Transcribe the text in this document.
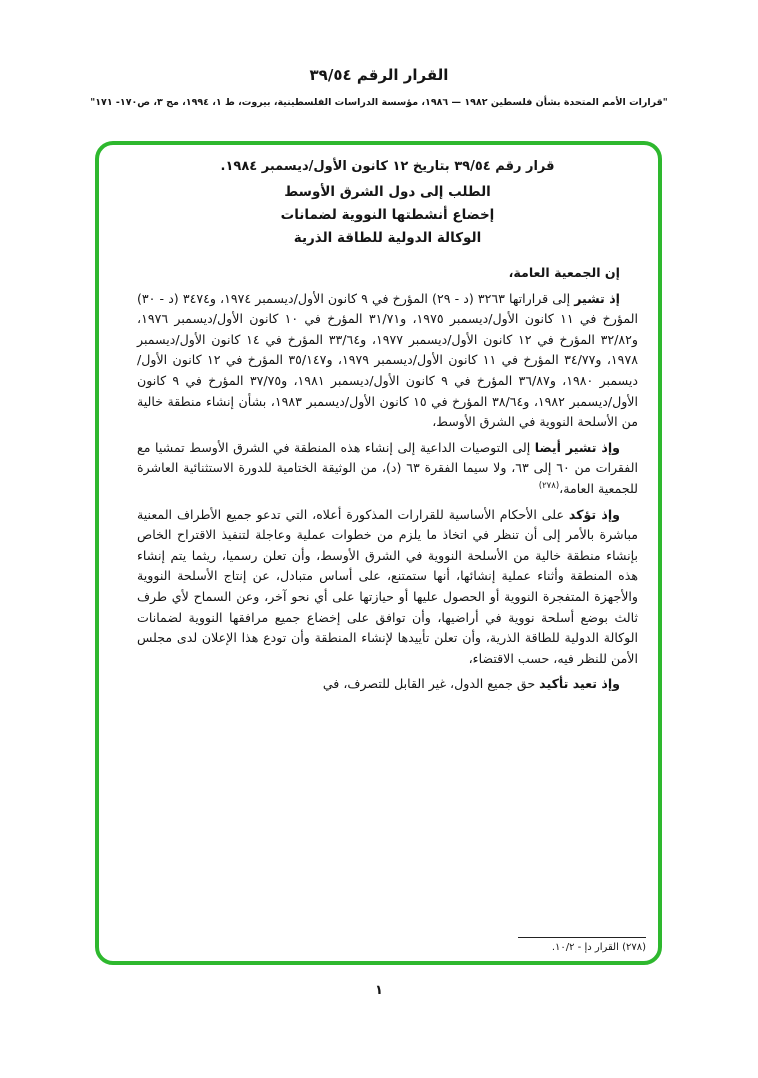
القرار الرقم ٣٩/٥٤
"قرارات الأمم المتحدة بشأن فلسطين ١٩٨٢ — ١٩٨٦، مؤسسة الدراسات الفلسطينية، بيروت، ط ١، ١٩٩٤، مج ٣، ص١٧٠- ١٧١"
قرار رقم ٣٩/٥٤ بتاريخ ١٢ كانون الأول/ديسمبر ١٩٨٤.
الطلب إلى دول الشرق الأوسط
إخضاع أنشطتها النووية لضمانات
الوكالة الدولية للطاقة الذرية
إن الجمعية العامة،
إذ تشير إلى قراراتها ٣٢٦٣ (د - ٢٩) المؤرخ في ٩ كانون الأول/ديسمبر ١٩٧٤، و٣٤٧٤ (د - ٣٠) المؤرخ في ١١ كانون الأول/ديسمبر ١٩٧٥، و٣١/٧١ المؤرخ في ١٠ كانون الأول/ديسمبر ١٩٧٦، و٣٢/٨٢ المؤرخ في ١٢ كانون الأول/ديسمبر ١٩٧٧، و٣٣/٦٤ المؤرخ في ١٤ كانون الأول/ديسمبر ١٩٧٨، و٣٤/٧٧ المؤرخ في ١١ كانون الأول/ديسمبر ١٩٧٩، و٣٥/١٤٧ المؤرخ في ١٢ كانون الأول/ديسمبر ١٩٨٠، و٣٦/٨٧ المؤرخ في ٩ كانون الأول/ديسمبر ١٩٨١، و٣٧/٧٥ المؤرخ في ٩ كانون الأول/ديسمبر ١٩٨٢، و٣٨/٦٤ المؤرخ في ١٥ كانون الأول/ديسمبر ١٩٨٣، بشأن إنشاء منطقة خالية من الأسلحة النووية في الشرق الأوسط،
وإذ تشير أيضا إلى التوصيات الداعية إلى إنشاء هذه المنطقة في الشرق الأوسط تمشيا مع الفقرات من ٦٠ إلى ٦٣، ولا سيما الفقرة ٦٣ (د)، من الوثيقة الختامية للدورة الاستثنائية العاشرة للجمعية العامة،$^{(٢٧٨)}$
وإذ تؤكد على الأحكام الأساسية للقرارات المذكورة أعلاه، التي تدعو جميع الأطراف المعنية مباشرة بالأمر إلى أن تنظر في اتخاذ ما يلزم من خطوات عملية وعاجلة لتنفيذ الاقتراح الخاص بإنشاء منطقة خالية من الأسلحة النووية في الشرق الأوسط، وأن تعلن رسميا، ريثما يتم إنشاء هذه المنطقة وأثناء عملية إنشائها، أنها ستمتنع، على أساس متبادل، عن إنتاج الأسلحة النووية والأجهزة المتفجرة النووية أو الحصول عليها أو حيازتها على أي نحو آخر، وعن السماح لأي طرف ثالث بوضع أسلحة نووية في أراضيها، وأن توافق على إخضاع جميع مرافقها النووية لضمانات الوكالة الدولية للطاقة الذرية، وأن تعلن تأييدها لإنشاء المنطقة وأن تودع هذا الإعلان لدى مجلس الأمن للنظر فيه، حسب الاقتضاء،
وإذ تعيد تأكيد حق جميع الدول، غير القابل للتصرف، في
(٢٧٨) القرار دإ - ١٠/٢.
١
